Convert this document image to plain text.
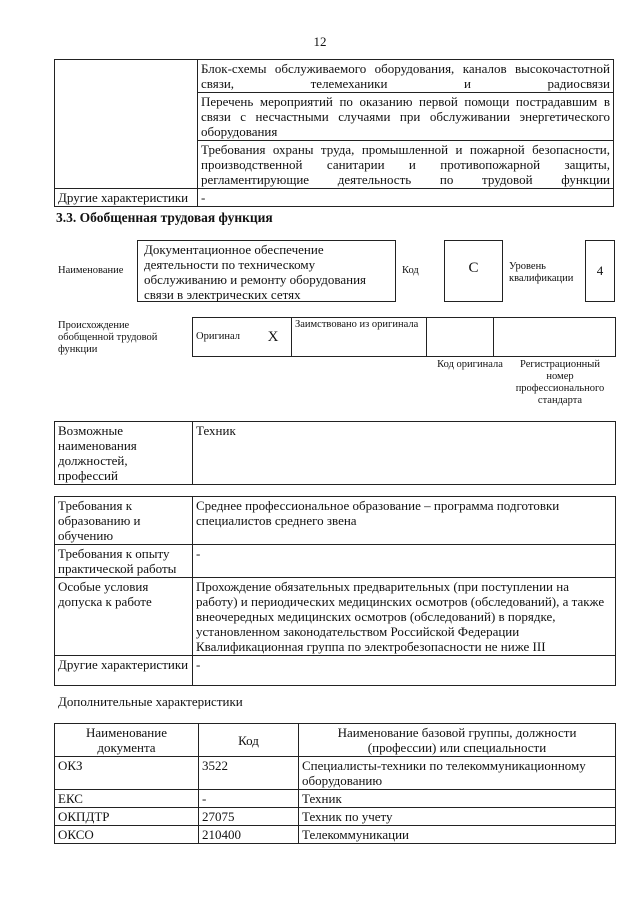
12
	Блок-схемы обслуживаемого оборудования, каналов высокочастотной связи, телемеханики и радиосвязи
	Перечень мероприятий по оказанию первой помощи пострадавшим в связи с несчастными случаями при обслуживании энергетического оборудования
	Требования охраны труда, промышленной и пожарной безопасности, производственной санитарии и противопожарной защиты, регламентирующие деятельность по трудовой функции
Другие характеристики	-
3.3. Обобщенная трудовая функция
Наименование
Документационное обеспечение деятельности по техническому обслуживанию и ремонту оборудования связи в электрических сетях
Код	C	Уровень квалификации
4
Происхождение обобщенной трудовой функции
Оригинал	X	Заимствовано из оригинала		
Код оригинала	Регистрационный номер профессионального стандарта
Возможные наименования должностей, профессий	Техник
Требования к образованию и обучению	Среднее профессиональное образование – программа подготовки специалистов среднего звена
Требования к опыту практической работы	-
Особые условия допуска к работе	Прохождение обязательных предварительных (при поступлении на работу) и периодических медицинских осмотров (обследований), а также внеочередных медицинских осмотров (обследований) в порядке, установленном законодательством Российской Федерации Квалификационная группа по электробезопасности не ниже III
Другие характеристики	-
Дополнительные характеристики
Наименование документа	Код	Наименование базовой группы, должности (профессии) или специальности
ОКЗ	3522	Специалисты-техники по телекоммуникационному оборудованию
ЕКС	-	Техник
ОКПДТР	27075	Техник по учету
ОКСО	210400	Телекоммуникации
